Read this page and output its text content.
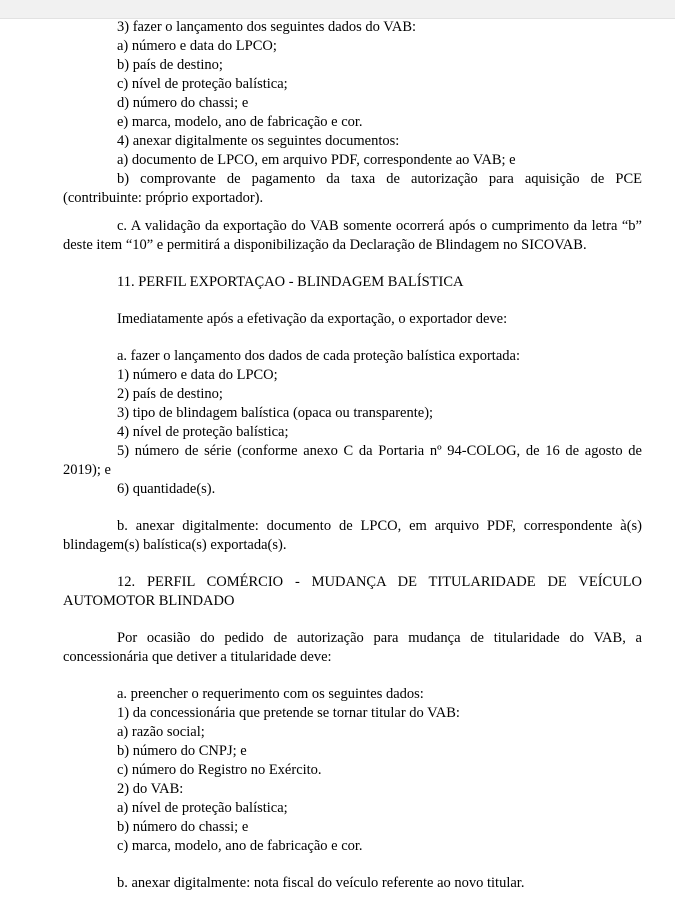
3) fazer o lançamento dos seguintes dados do VAB:

a) número e data do LPCO;

b) país de destino;

c) nível de proteção balística;

d) número do chassi; e

e) marca, modelo, ano de fabricação e cor.

4) anexar digitalmente os seguintes documentos:

a) documento de LPCO, em arquivo PDF, correspondente ao VAB; e

b) comprovante de pagamento da taxa de autorização para aquisição de PCE (contribuinte: próprio exportador).

c. A validação da exportação do VAB somente ocorrerá após o cumprimento da letra “b” deste item “10” e permitirá a disponibilização da Declaração de Blindagem no SICOVAB.

11. PERFIL EXPORTAÇAO - BLINDAGEM BALÍSTICA

Imediatamente após a efetivação da exportação, o exportador deve:

a. fazer o lançamento dos dados de cada proteção balística exportada:

1) número e data do LPCO;

2) país de destino;

3) tipo de blindagem balística (opaca ou transparente);

4) nível de proteção balística;

5) número de série (conforme anexo C da Portaria nº 94-COLOG, de 16 de agosto de 2019); e

6) quantidade(s).

b. anexar digitalmente: documento de LPCO, em arquivo PDF, correspondente à(s) blindagem(s) balística(s) exportada(s).

12. PERFIL COMÉRCIO - MUDANÇA DE TITULARIDADE DE VEÍCULO AUTOMOTOR BLINDADO

Por ocasião do pedido de autorização para mudança de titularidade do VAB, a concessionária que detiver a titularidade deve:

a. preencher o requerimento com os seguintes dados:

1) da concessionária que pretende se tornar titular do VAB:

a) razão social;

b) número do CNPJ; e

c) número do Registro no Exército.

2) do VAB:

a) nível de proteção balística;

b) número do chassi; e

c) marca, modelo, ano de fabricação e cor.

b. anexar digitalmente: nota fiscal do veículo referente ao novo titular.
